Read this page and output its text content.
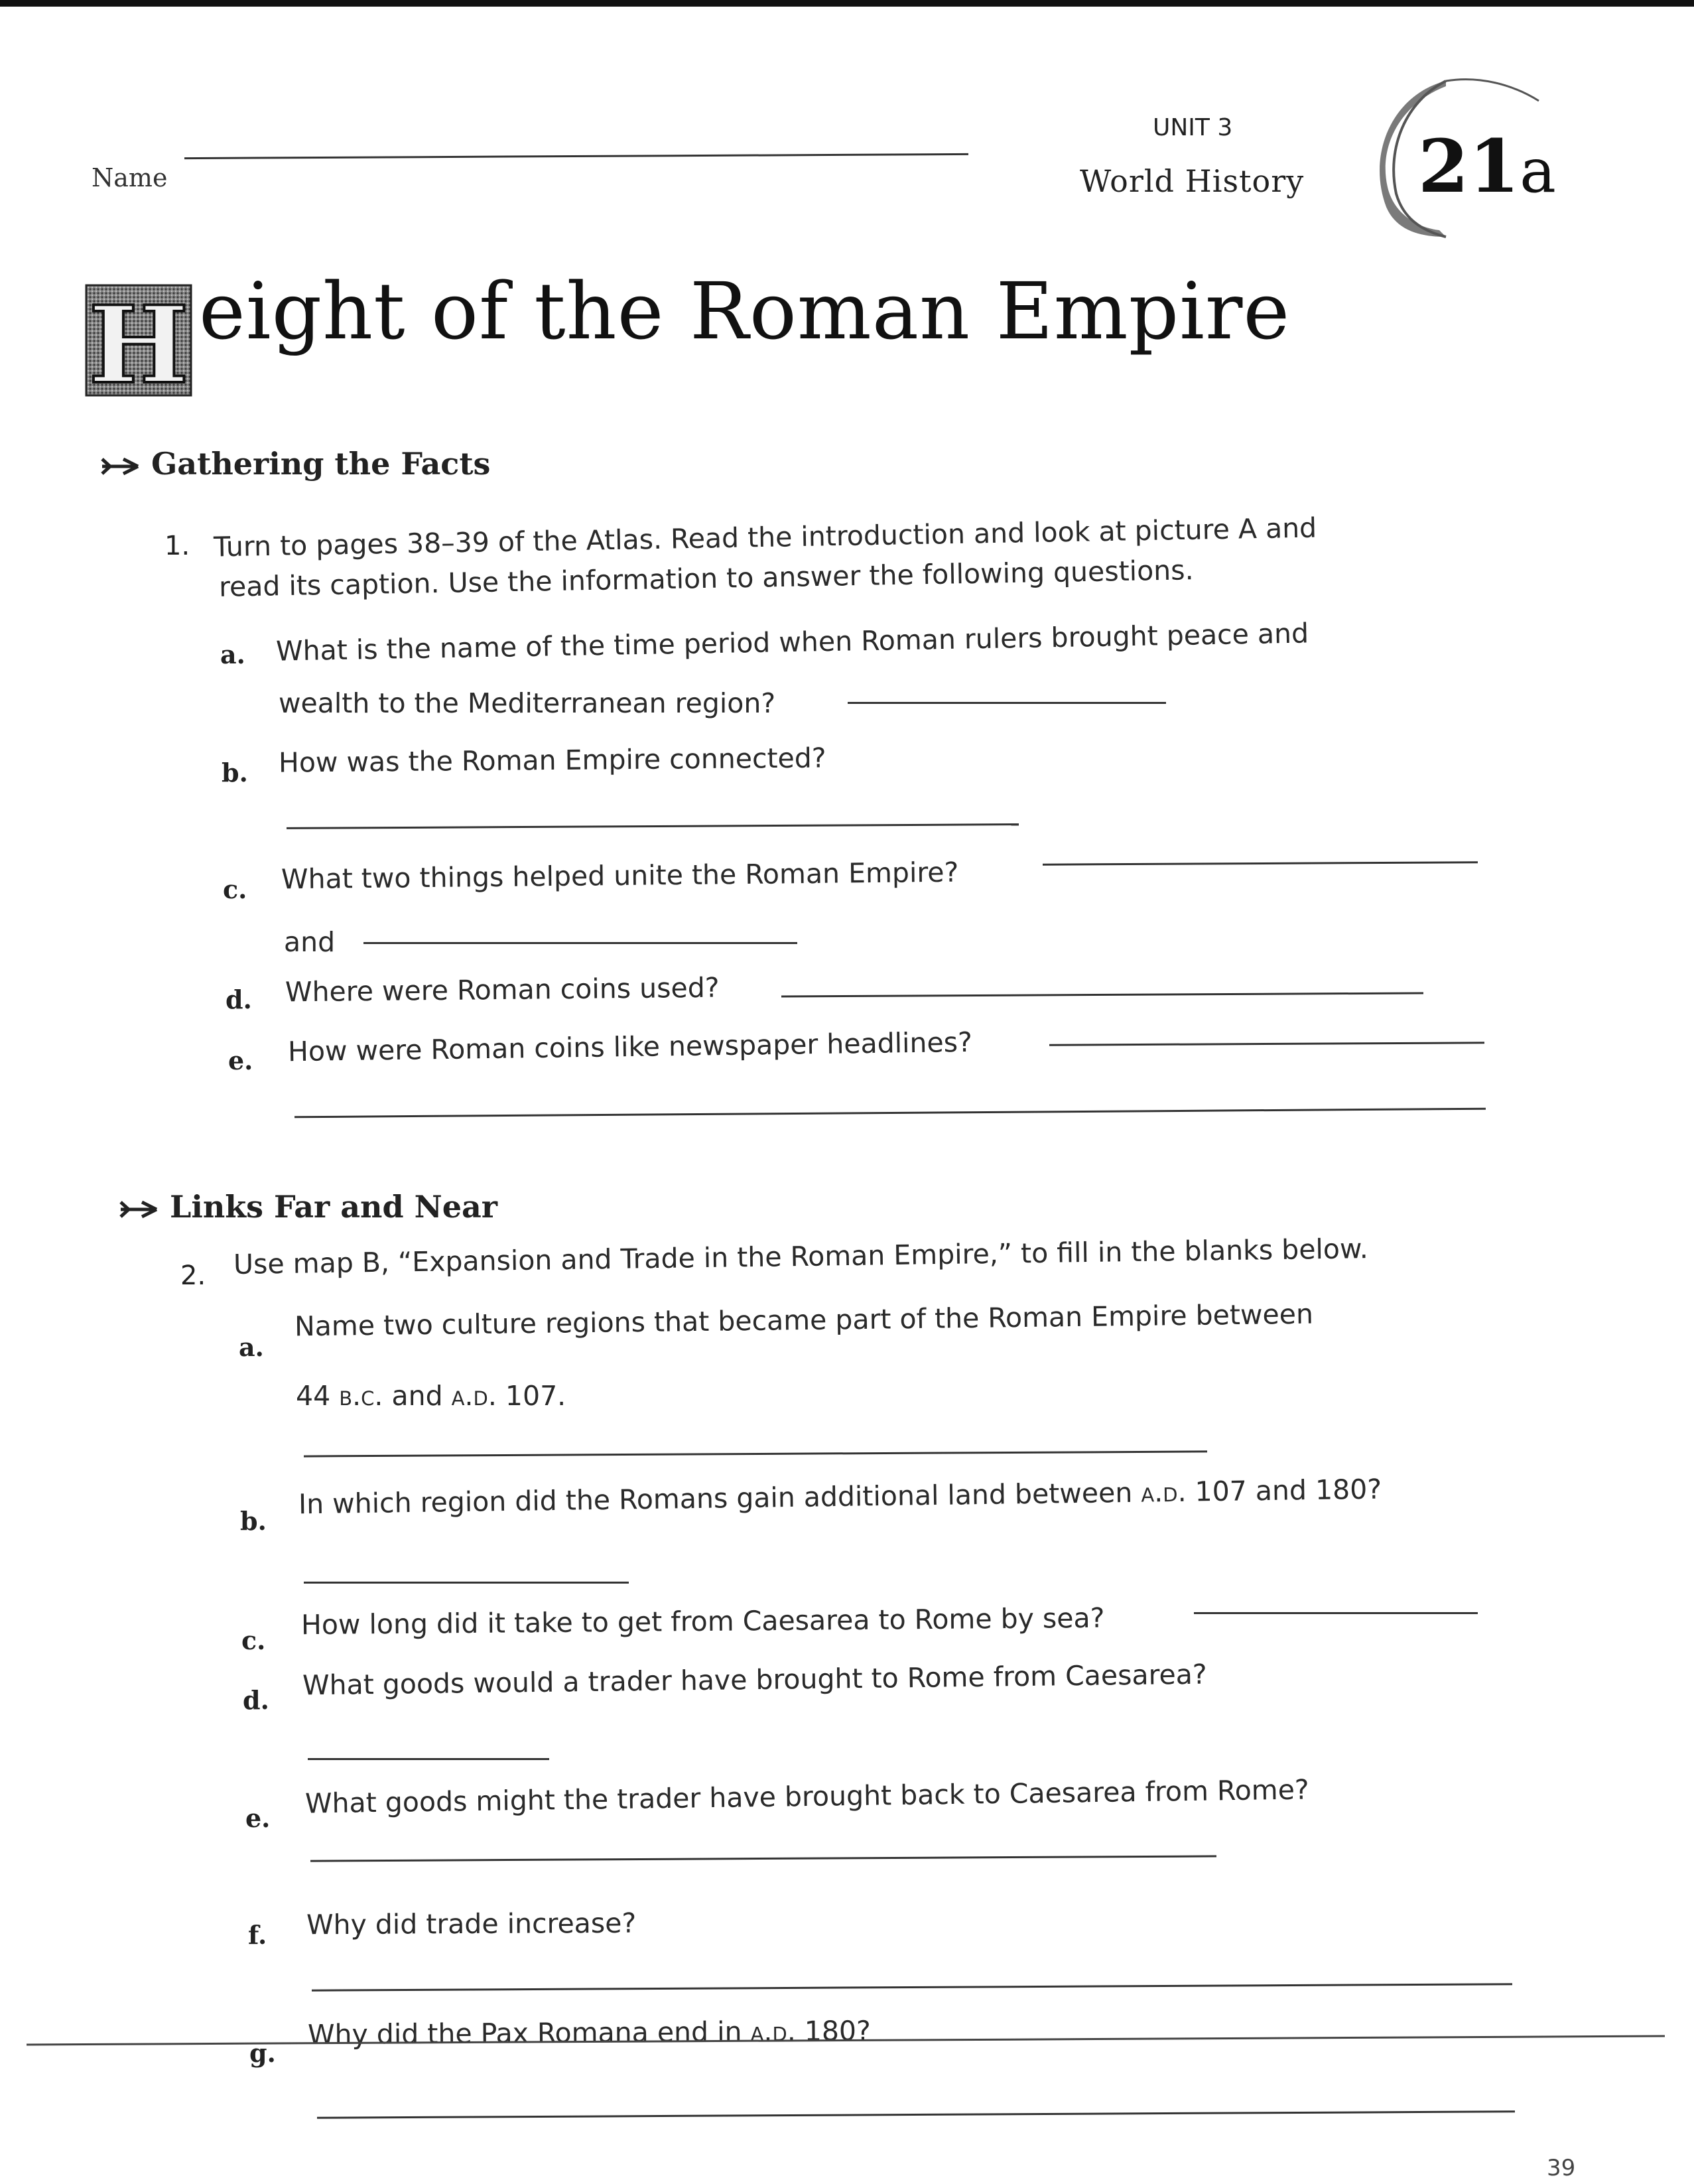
Name
UNIT 3
World History 21a
H eight of the Roman Empire
Gathering the Facts
1. Turn to pages 38–39 of the Atlas. Read the introduction and look at picture A and
read its caption. Use the information to answer the following questions.
a. What is the name of the time period when Roman rulers brought peace and
wealth to the Mediterranean region?
b. How was the Roman Empire connected?
c. What two things helped unite the Roman Empire?
and
d. Where were Roman coins used?
e. How were Roman coins like newspaper headlines?
Links Far and Near
2. Use map B, “Expansion and Trade in the Roman Empire,” to fill in the blanks below.
a.
Name two culture regions that became part of the Roman Empire between
44 b.c. and a.d. 107.
b.
In which region did the Romans gain additional land between a.d. 107 and 180?
c. How long did it take to get from Caesarea to Rome by sea?
d. What goods would a trader have brought to Rome from Caesarea?
e. What goods might the trader have brought back to Caesarea from Rome?
f. Why did trade increase?
g.
Why did the Pax Romana end in a.d. 180?
39
